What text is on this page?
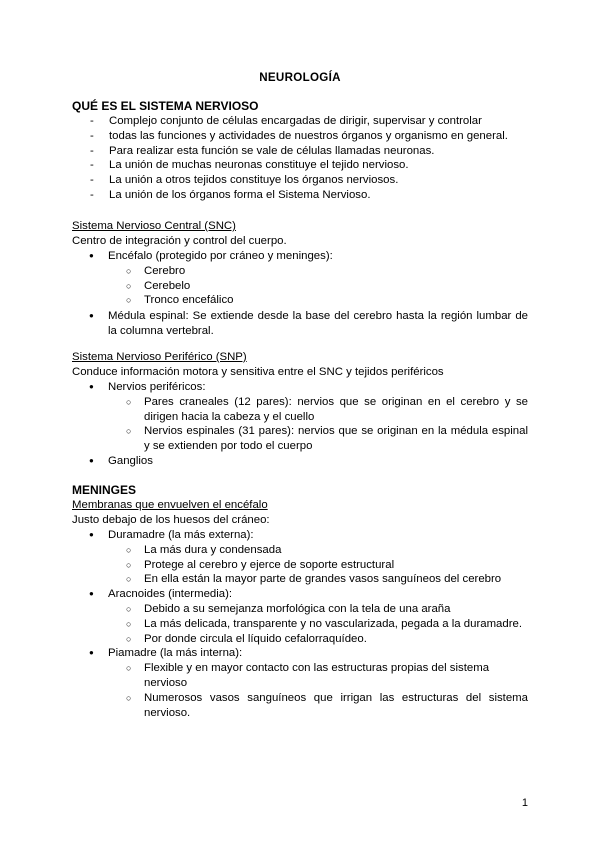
NEUROLOGÍA
QUÉ ES EL SISTEMA NERVIOSO
- Complejo conjunto de células encargadas de dirigir, supervisar y controlar
- todas las funciones y actividades de nuestros órganos y organismo en general.
- Para realizar esta función se vale de células llamadas neuronas.
- La unión de muchas neuronas constituye el tejido nervioso.
- La unión a otros tejidos constituye los órganos nerviosos.
- La unión de los órganos forma el Sistema Nervioso.
Sistema Nervioso Central (SNC)
Centro de integración y control del cuerpo.
● Encéfalo (protegido por cráneo y meninges):
○ Cerebro
○ Cerebelo
○ Tronco encefálico
● Médula espinal: Se extiende desde la base del cerebro hasta la región lumbar de la columna vertebral.
Sistema Nervioso Periférico (SNP)
Conduce información motora y sensitiva entre el SNC y tejidos periféricos
● Nervios periféricos:
○ Pares craneales (12 pares): nervios que se originan en el cerebro y se dirigen hacia la cabeza y el cuello
○ Nervios espinales (31 pares): nervios que se originan en la médula espinal y se extienden por todo el cuerpo
● Ganglios
MENINGES
Membranas que envuelven el encéfalo
Justo debajo de los huesos del cráneo:
● Duramadre (la más externa):
○ La más dura y condensada
○ Protege al cerebro y ejerce de soporte estructural
○ En ella están la mayor parte de grandes vasos sanguíneos del cerebro
● Aracnoides (intermedia):
○ Debido a su semejanza morfológica con la tela de una araña
○ La más delicada, transparente y no vascularizada, pegada a la duramadre.
○ Por donde circula el líquido cefalorraquídeo.
● Piamadre (la más interna):
○ Flexible y en mayor contacto con las estructuras propias del sistema nervioso
○ Numerosos vasos sanguíneos que irrigan las estructuras del sistema nervioso.
1
